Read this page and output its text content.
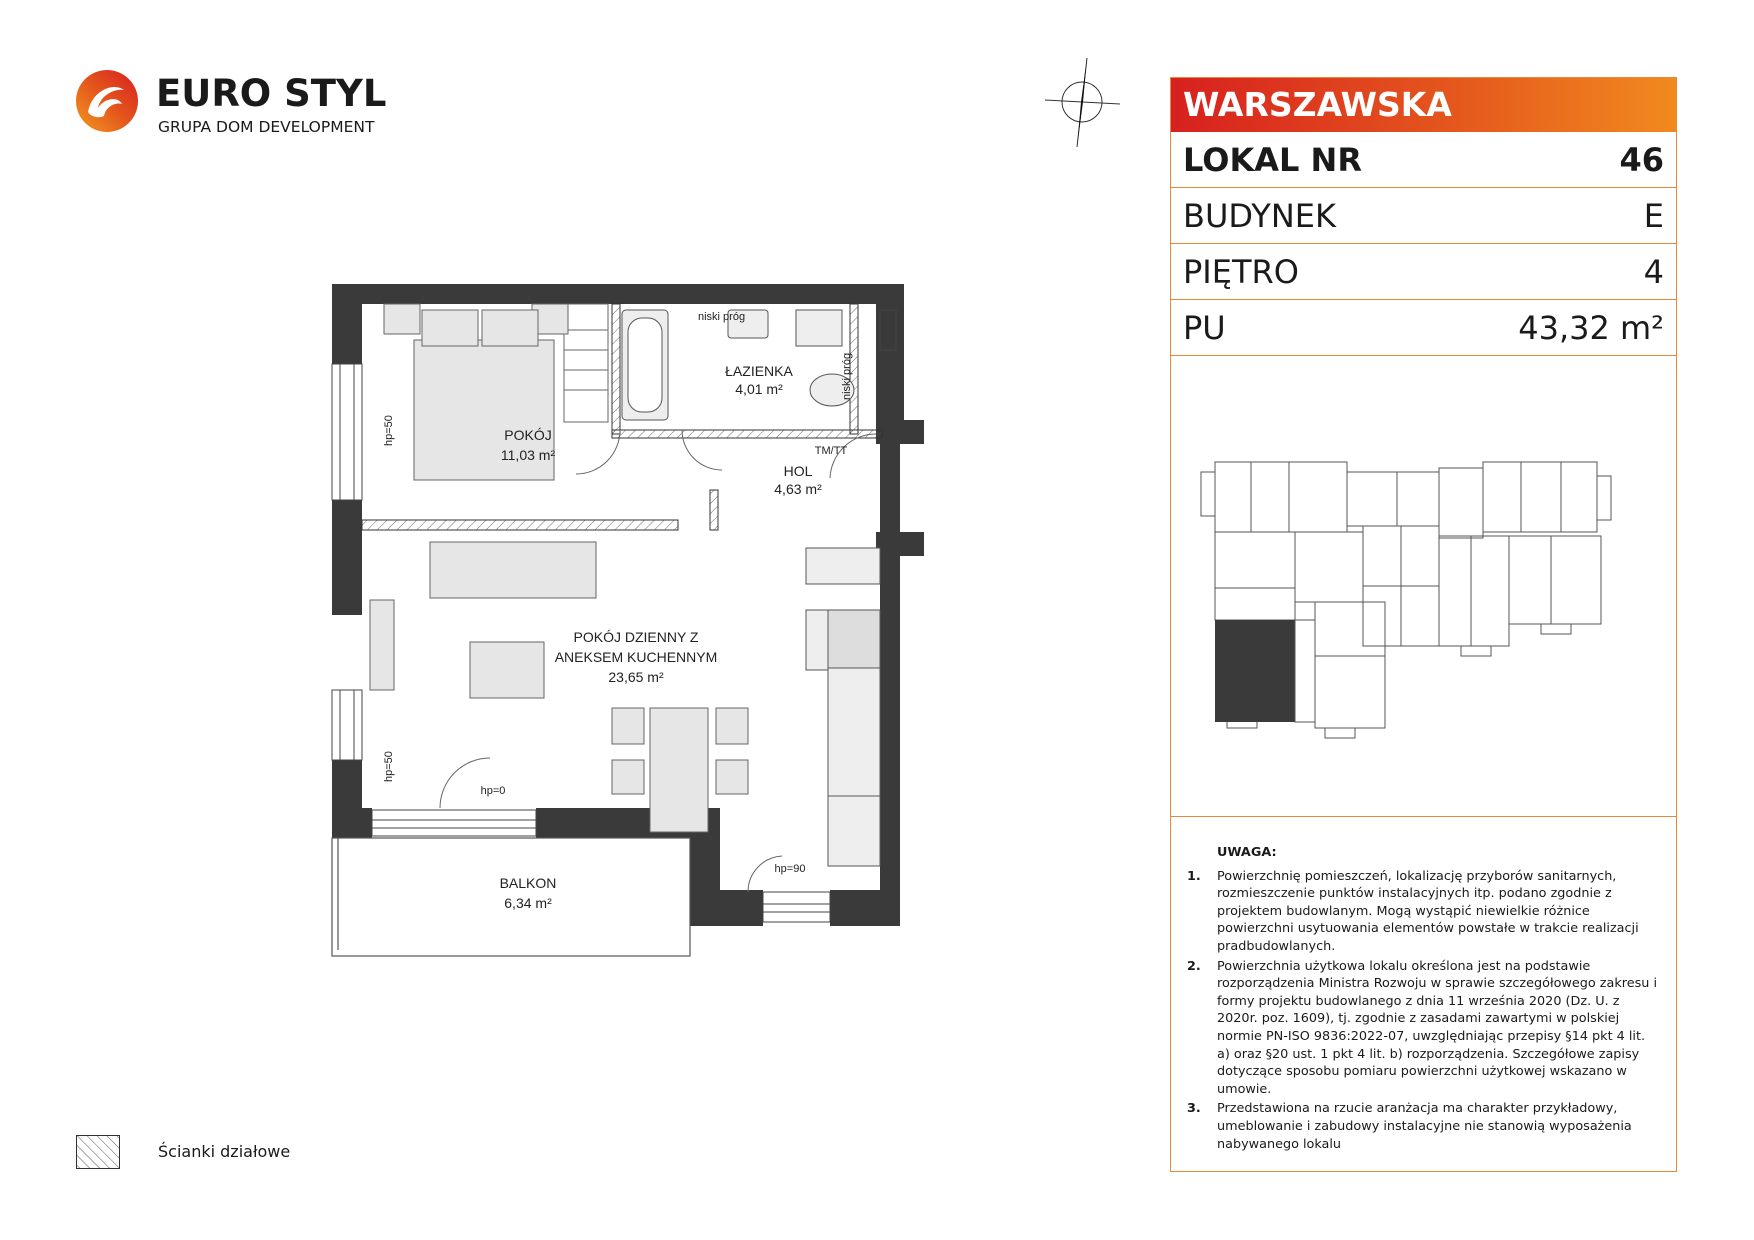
EURO STYL
GRUPA DOM DEVELOPMENT
POKÓJ
11,03 m²
ŁAZIENKA
4,01 m²
HOL
4,63 m²
POKÓJ DZIENNY Z
ANEKSEM KUCHENNYM
23,65 m²
BALKON
6,34 m²
niski próg
niski próg
TM/TT
hp=50
hp=50
hp=0
hp=90
WARSZAWSKA
LOKAL NR	46
BUDYNEK	E
PIĘTRO	4
PU	43,32 m²
UWAGA:
1.	Powierzchnię pomieszczeń, lokalizację przyborów sanitarnych, rozmieszczenie punktów instalacyjnych itp. podano zgodnie z projektem budowlanym. Mogą wystąpić niewielkie różnice powierzchni usytuowania elementów powstałe w trakcie realizacji pradbudowlanych.
2.	Powierzchnia użytkowa lokalu określona jest na podstawie rozporządzenia Ministra Rozwoju w sprawie szczegółowego zakresu i formy projektu budowlanego z dnia 11 września 2020 (Dz. U. z 2020r. poz. 1609), tj. zgodnie z zasadami zawartymi w polskiej normie PN-ISO 9836:2022-07, uwzględniając przepisy §14 pkt 4 lit. a) oraz §20 ust. 1 pkt 4 lit. b) rozporządzenia. Szczegółowe zapisy dotyczące sposobu pomiaru powierzchni użytkowej wskazano w umowie.
3.	Przedstawiona na rzucie aranżacja ma charakter przykładowy, umeblowanie i zabudowy instalacyjne nie stanowią wyposażenia nabywanego lokalu
Ścianki działowe
